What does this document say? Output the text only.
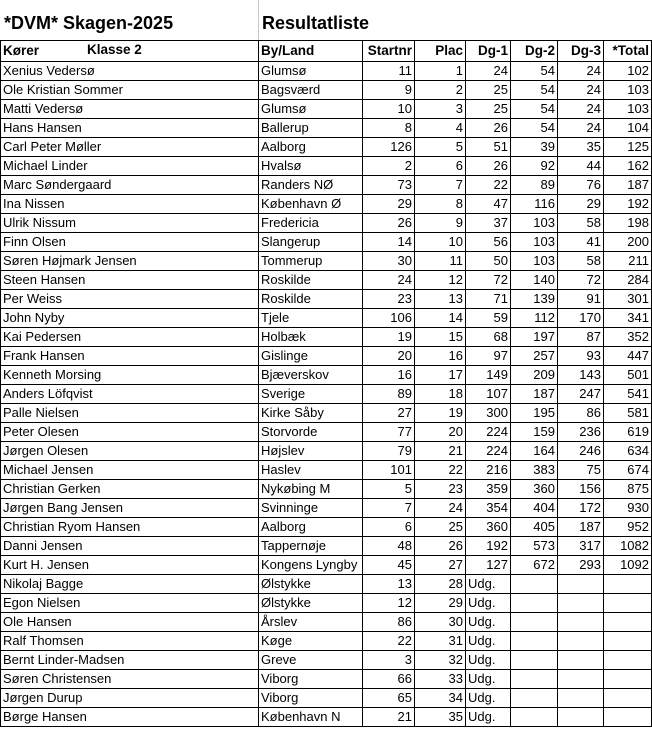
*DVM* Skagen-2025	Resultatliste
Kører Klasse 2	By/Land	Startnr	Plac	Dg-1	Dg-2	Dg-3	*Total
Xenius Vedersø	Glumsø	11	1	24	54	24	102
Ole Kristian Sommer	Bagsværd	9	2	25	54	24	103
Matti Vedersø	Glumsø	10	3	25	54	24	103
Hans Hansen	Ballerup	8	4	26	54	24	104
Carl Peter Møller	Aalborg	126	5	51	39	35	125
Michael Linder	Hvalsø	2	6	26	92	44	162
Marc Søndergaard	Randers NØ	73	7	22	89	76	187
Ina Nissen	København Ø	29	8	47	116	29	192
Ulrik Nissum	Fredericia	26	9	37	103	58	198
Finn Olsen	Slangerup	14	10	56	103	41	200
Søren Højmark Jensen	Tommerup	30	11	50	103	58	211
Steen Hansen	Roskilde	24	12	72	140	72	284
Per Weiss	Roskilde	23	13	71	139	91	301
John Nyby	Tjele	106	14	59	112	170	341
Kai Pedersen	Holbæk	19	15	68	197	87	352
Frank Hansen	Gislinge	20	16	97	257	93	447
Kenneth Morsing	Bjæverskov	16	17	149	209	143	501
Anders Löfqvist	Sverige	89	18	107	187	247	541
Palle Nielsen	Kirke Såby	27	19	300	195	86	581
Peter Olesen	Storvorde	77	20	224	159	236	619
Jørgen Olesen	Højslev	79	21	224	164	246	634
Michael Jensen	Haslev	101	22	216	383	75	674
Christian Gerken	Nykøbing M	5	23	359	360	156	875
Jørgen Bang Jensen	Svinninge	7	24	354	404	172	930
Christian Ryom Hansen	Aalborg	6	25	360	405	187	952
Danni Jensen	Tappernøje	48	26	192	573	317	1082
Kurt H. Jensen	Kongens Lyngby	45	27	127	672	293	1092
Nikolaj Bagge	Ølstykke	13	28	Udg.			
Egon Nielsen	Ølstykke	12	29	Udg.			
Ole Hansen	Årslev	86	30	Udg.			
Ralf Thomsen	Køge	22	31	Udg.			
Bernt Linder-Madsen	Greve	3	32	Udg.			
Søren Christensen	Viborg	66	33	Udg.			
Jørgen Durup	Viborg	65	34	Udg.			
Børge Hansen	København N	21	35	Udg.			
